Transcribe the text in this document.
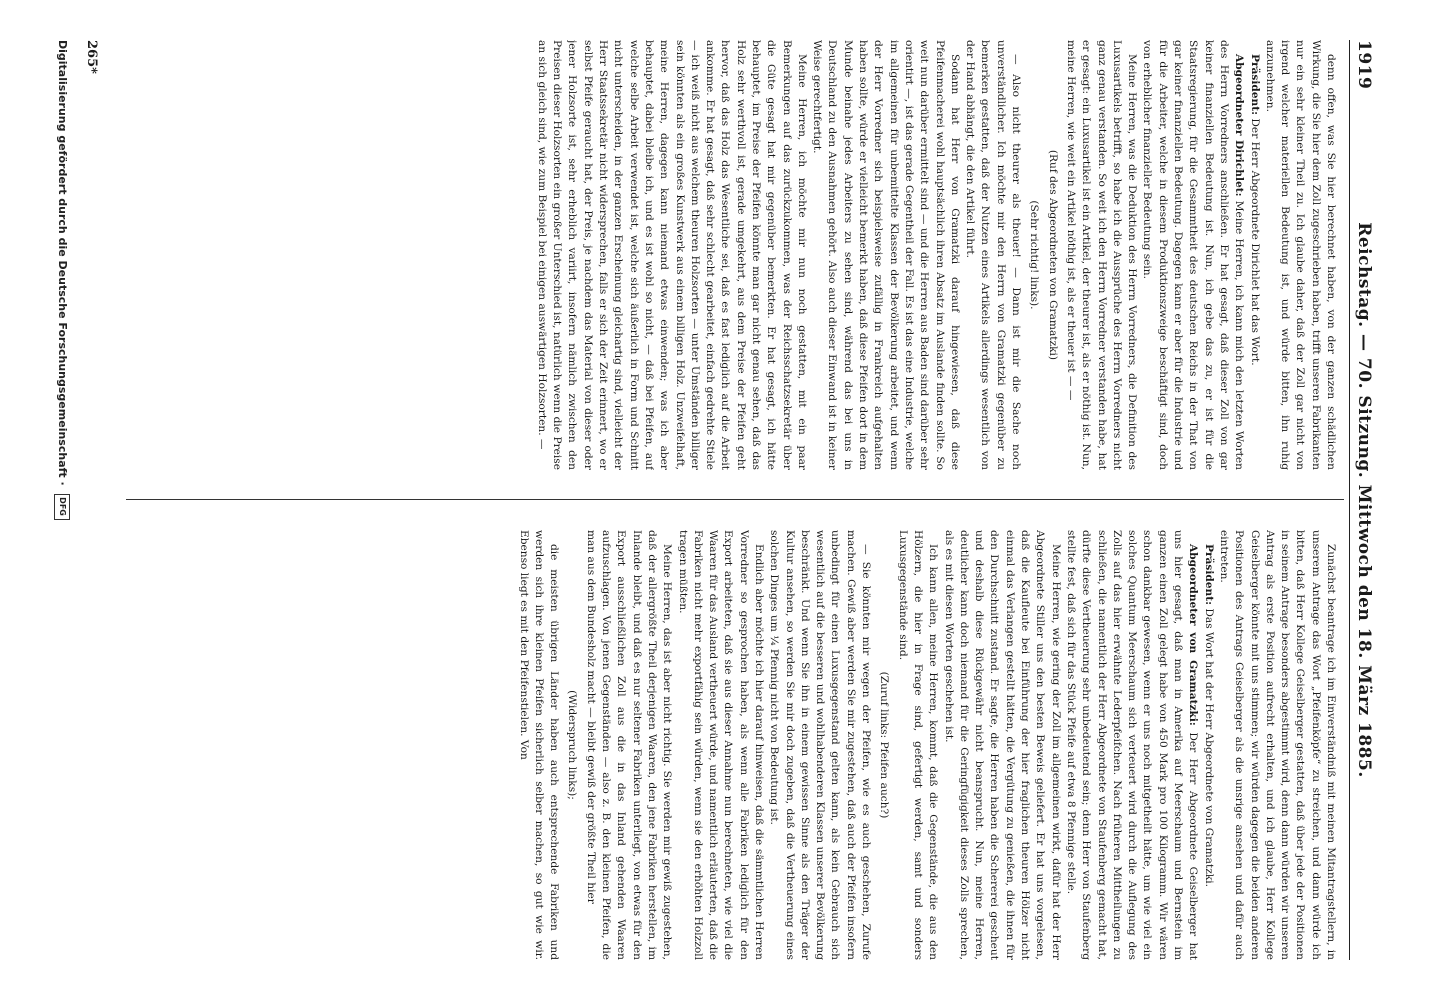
1919
Reichstag. — 70. Sitzung. Mittwoch den 18. März 1885.

denn offen, was Sie hier berechnet haben, von der ganzen schädlichen Wirkung, die Sie hier dem Zoll zugeschrieben haben, trifft unseren Fabrikanten nur ein sehr kleiner Theil zu. Ich glaube daher, daß der Zoll gar nicht von irgend welcher materiellen Bedeutung ist, und würde bitten, ihn ruhig anzunehmen.

Präsident: Der Herr Abgeordnete Dirichlet hat das Wort.

Abgeordneter Dirichlet: Meine Herren, ich kann mich den letzten Worten des Herrn Vorredners anschließen. Er hat gesagt, daß dieser Zoll von gar keiner finanziellen Bedeutung ist. Nun, ich gebe das zu, er ist für die Staatsregierung, für die Gesammtheit des deutschen Reichs in der That von gar keiner finanziellen Bedeutung. Dagegen kann er aber für die Industrie und für die Arbeiter, welche in diesem Produktionszweige beschäftigt sind, doch von erheblicher finanzieller Bedeutung sein.

Meine Herren, was die Deduktion des Herrn Vorredners, die Definition des Luxusartikels betrifft, so habe ich die Aussprüche des Herrn Vorredners nicht ganz genau verstanden. So weit ich den Herrn Vorredner verstanden habe, hat er gesagt: ein Luxusartikel ist ein Artikel, der theurer ist, als er nöthig ist. Nun, meine Herren, wie weit ein Artikel nöthig ist, als er theuer ist — —

(Ruf des Abgeordneten von Gramatzki)

(Sehr richtig! links).

— Also nicht theurer als theuer! — Dann ist mir die Sache noch unverständlicher. Ich möchte mir den Herrn von Gramatzki gegenüber zu bemerken gestatten, daß der Nutzen eines Artikels allerdings wesentlich von der Hand abhängt, die den Artikel führt.

Sodann hat Herr von Gramatzki darauf hingewiesen, daß diese Pfeifenmacherei wohl hauptsächlich ihren Absatz im Auslande finden sollte. So weit nun darüber ermittelt sind — und die Herren aus Baden sind darüber sehr orientirt —, ist das gerade Gegentheil der Fall. Es ist das eine Industrie, welche im allgemeinen für unbemittelte Klassen der Bevölkerung arbeitet, und wenn der Herr Vorredner sich beispielsweise zufällig in Frankreich aufgehalten haben sollte, würde er vielleicht bemerkt haben, daß diese Pfeifen dort in dem Munde beinahe jedes Arbeiters zu sehen sind, während das bei uns in Deutschland zu den Ausnahmen gehört. Also auch dieser Einwand ist in keiner Weise gerechtfertigt.

Meine Herren, ich möchte mir nun noch gestatten, mit ein paar Bemerkungen auf das zurückzukommen, was der Reichsschatzsekretär über die Güte gesagt hat mir gegenüber bemerkten. Er hat gesagt, ich hätte behauptet, im Preise der Pfeifen könnte man gar nicht genau sehen, daß das Holz sehr werthvoll ist, gerade umgekehrt, aus dem Preise der Pfeifen geht hervor, daß das Holz das Wesentliche sei, daß es fast lediglich auf die Arbeit ankomme. Er hat gesagt, daß sehr schlecht gearbeitet, einfach gedrehte Stiele — ich weiß nicht aus welchem theuren Holzsorten — unter Umständen billiger sein könnten als ein großes Kunstwerk aus einem billigen Holz. Unzweifelhaft, meine Herren, dagegen kann niemand etwas einwenden; was ich aber behauptet, dabei bleibe ich, und es ist wohl so nicht, — daß bei Pfeifen, auf welche selbe Arbeit verwendet ist, welche sich äußerlich in Form und Schnitt nicht unterscheiden, in der ganzen Erscheinung gleichartig sind, vielleicht der Herr Staatssekretär nicht widersprechen, falls er sich der Zeit erinnert, wo er selbst Pfeife geraucht hat, der Preis, je nachdem das Material von dieser oder jener Holzsorte ist, sehr erheblich variirt, insofern nämlich zwischen den Preisen dieser Holzsorten ein großer Unterschied ist, natürlich wenn die Preise an sich gleich sind, wie zum Beispiel bei einigen auswärtigen Holzsorten. —

Zunächst beantrage ich im Einverständniß mit meinen Mitantragstellern, in unserem Antrage das Wort „Pfeifenköpfe“ zu streichen, und dann würde ich bitten, daß Herr Kollege Geiselberger gestatten, daß über jede der Positionen in seinem Antrage besonders abgestimmt wird, denn dann würden wir unseren Antrag als erste Position aufrecht erhalten, und ich glaube, Herr Kollege Geiselberger könnte mit uns stimmen; wir würden dagegen die beiden anderen Positionen des Antrags Geiselberger als die unsrige ansehen und dafür auch eintreten.

Präsident: Das Wort hat der Herr Abgeordnete von Gramatzki.

Abgeordneter von Gramatzki: Der Herr Abgeordnete Geiselberger hat uns hier gesagt, daß man in Amerika auf Meerschaum und Bernstein im ganzen einen Zoll gelegt habe von 450 Mark pro 100 Kilogramm. Wir wären schon dankbar gewesen, wenn er uns noch mitgetheilt hätte, um wie viel ein solches Quantum Meerschaum sich verteuert wird durch die Auflegung des Zolls auf das hier erwähnte Lederpfeifchen. Nach früheren Mittheilungen zu schließen, die namentlich der Herr Abgeordnete von Staufenberg gemacht hat, dürfte diese Vertheuerung sehr unbedeutend sein; denn Herr von Staufenberg stellte fest, daß sich für das Stück Pfeife auf etwa 8 Pfennige stelle.

Meine Herren, wie gering der Zoll im allgemeinen wirkt, dafür hat der Herr Abgeordnete Stiller uns den besten Beweis geliefert. Er hat uns vorgelesen, daß die Kaufleute bei Einführung der hier fraglichen theuren Hölzer nicht einmal das Verlangen gestellt hätten, die Vergütung zu genießen, die ihnen für den Durchschnitt zustand. Er sagte, die Herren haben die Schererei gescheut und deshalb diese Rückgewähr nicht beansprucht. Nun, meine Herren, deutlicher kann doch niemand für die Geringfügigkeit dieses Zolls sprechen, als es mit diesen Worten geschehen ist.

Ich kann allen, meine Herren, kommt, daß die Gegenstände, die aus den Hölzern, die hier in Frage sind, gefertigt werden, samt und sonders Luxusgegenstände sind.

(Zuruf links: Pfeifen auch?)

— Sie könnten mir wegen der Pfeifen, wie es auch geschehen, Zurufe machen. Gewiß aber werden Sie mir zugestehen, daß auch der Pfeifen insofern unbedingt für einen Luxusgegenstand gelten kann, als kein Gebrauch sich wesentlich auf die besseren und wohlhabenderen Klassen unserer Bevölkerung beschränkt. Und wenn Sie ihn in einem gewissen Sinne als den Träger der Kultur ansehen, so werden Sie mir doch zugeben, daß die Vertheuerung eines solchen Dinges um ¼ Pfennig nicht von Bedeutung ist.

Endlich aber möchte ich hier darauf hinweisen, daß die sämmtlichen Herren Vorredner so gesprochen haben, als wenn alle Fabriken lediglich für den Export arbeiteten, daß sie aus dieser Annahme nun berechneten, wie viel die Waaren für das Ausland vertheuert würde, und namentlich erläuterten, daß die Fabriken nicht mehr exportfähig sein würden, wenn sie den erhöhten Holzzoll tragen müßten.

Meine Herren, das ist aber nicht richtig. Sie werden mir gewiß zugestehen, daß der allergrößte Theil derjenigen Waaren, den jene Fabriken herstellen, im Inlande bleibt, und daß es nur seltener Fabriken unterliegt, von etwas für den Export ausschließlichen Zoll aus die in das Inland gehenden Waaren aufzuschlagen. Von jenen Gegenständen — also z. B. den kleinen Pfeifen, die man aus dem Bundesholz macht — bleibt gewiß der größte Theil hier

(Widerspruch links);

die meisten übrigen Länder haben auch entsprechende Fabriken und werden sich ihre kleinen Pfeifen sicherlich selber machen, so gut wie wir. Ebenso liegt es mit den Pfeifenstielen. Von

265*
Digitalisierung gefördert durch die Deutsche Forschungsgemeinschaft · DFG
